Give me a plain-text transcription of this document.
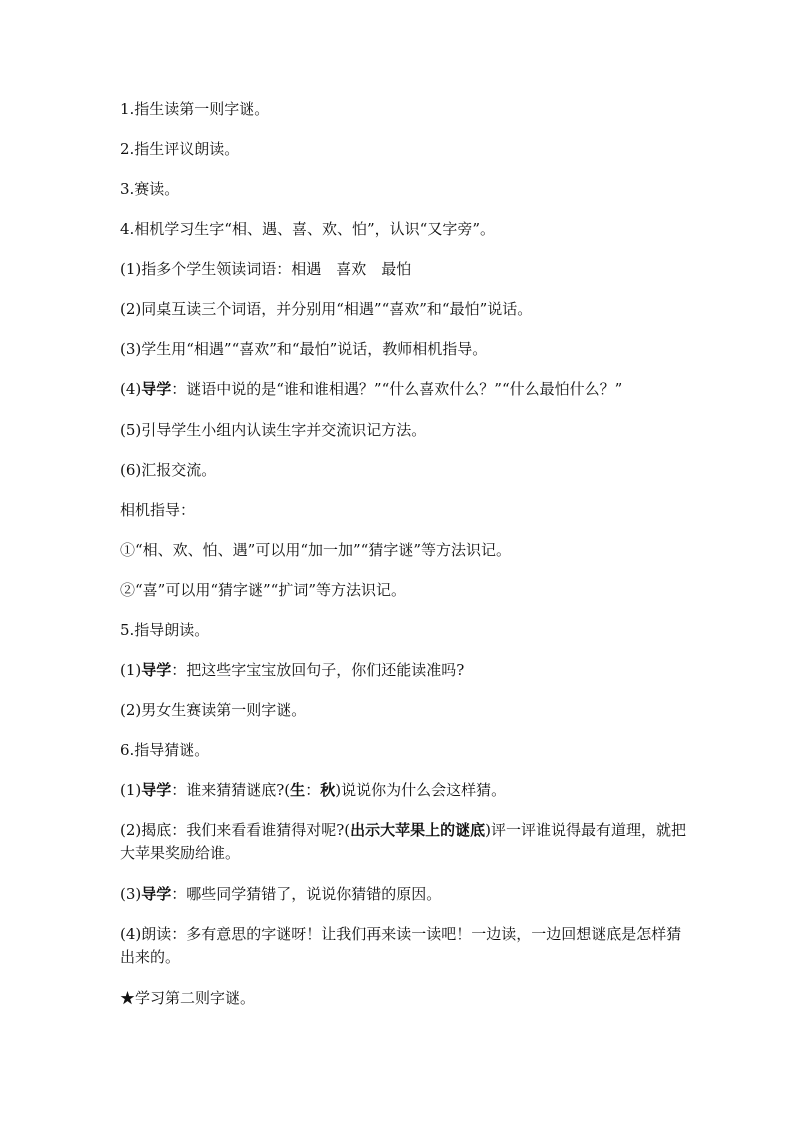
1.指生读第一则字谜。

2.指生评议朗读。

3.赛读。

4.相机学习生字“相、遇、喜、欢、怕”，认识“又字旁”。

(1)指多个学生领读词语：相遇　喜欢　最怕

(2)同桌互读三个词语，并分别用“相遇”“喜欢”和“最怕”说话。

(3)学生用“相遇”“喜欢”和“最怕”说话，教师相机指导。

(4)导学：谜语中说的是“谁和谁相遇？”“什么喜欢什么？”“什么最怕什么？”

(5)引导学生小组内认读生字并交流识记方法。

(6)汇报交流。

相机指导：

①“相、欢、怕、遇”可以用“加一加”“猜字谜”等方法识记。

②“喜”可以用“猜字谜”“扩词”等方法识记。

5.指导朗读。

(1)导学：把这些字宝宝放回句子，你们还能读准吗?

(2)男女生赛读第一则字谜。

6.指导猜谜。

(1)导学：谁来猜猜谜底?(生：秋)说说你为什么会这样猜。

(2)揭底：我们来看看谁猜得对呢?(出示大苹果上的谜底)评一评谁说得最有道理，就把大苹果奖励给谁。

(3)导学：哪些同学猜错了，说说你猜错的原因。

(4)朗读：多有意思的字谜呀！让我们再来读一读吧！一边读，一边回想谜底是怎样猜出来的。

★学习第二则字谜。
